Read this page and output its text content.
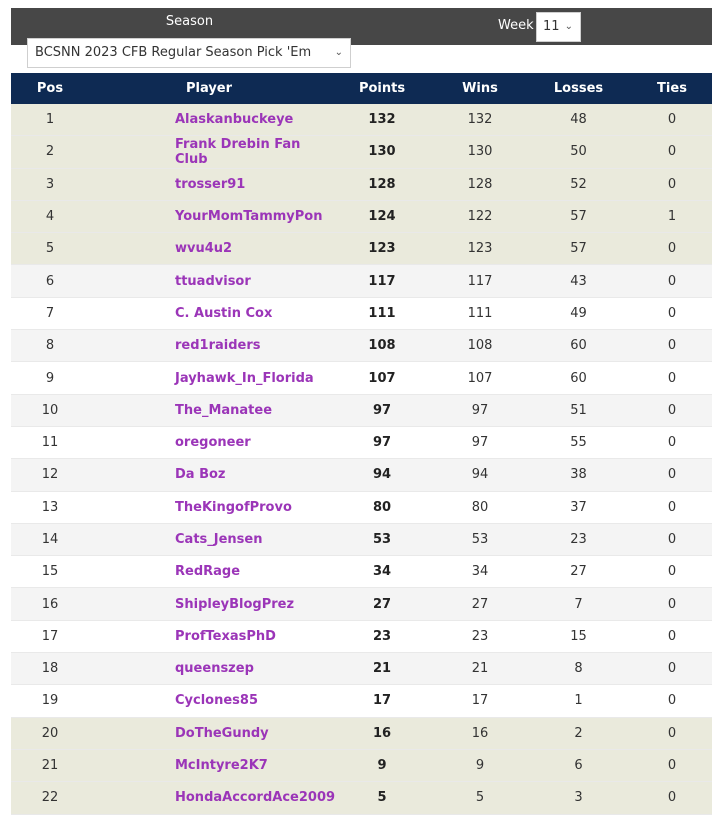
Season	Week 11 ⌄
BCSNN 2023 CFB Regular Season Pick 'Em ⌄
Pos	Player	Points	Wins	Losses	Ties
1	Alaskanbuckeye	132	132	48	0
2	Frank Drebin Fan Club	130	130	50	0
3	trosser91	128	128	52	0
4	YourMomTammyPon	124	122	57	1
5	wvu4u2	123	123	57	0
6	ttuadvisor	117	117	43	0
7	C. Austin Cox	111	111	49	0
8	red1raiders	108	108	60	0
9	Jayhawk_In_Florida	107	107	60	0
10	The_Manatee	97	97	51	0
11	oregoneer	97	97	55	0
12	Da Boz	94	94	38	0
13	TheKingofProvo	80	80	37	0
14	Cats_Jensen	53	53	23	0
15	RedRage	34	34	27	0
16	ShipleyBlogPrez	27	27	7	0
17	ProfTexasPhD	23	23	15	0
18	queenszep	21	21	8	0
19	Cyclones85	17	17	1	0
20	DoTheGundy	16	16	2	0
21	McIntyre2K7	9	9	6	0
22	HondaAccordAce2009	5	5	3	0
